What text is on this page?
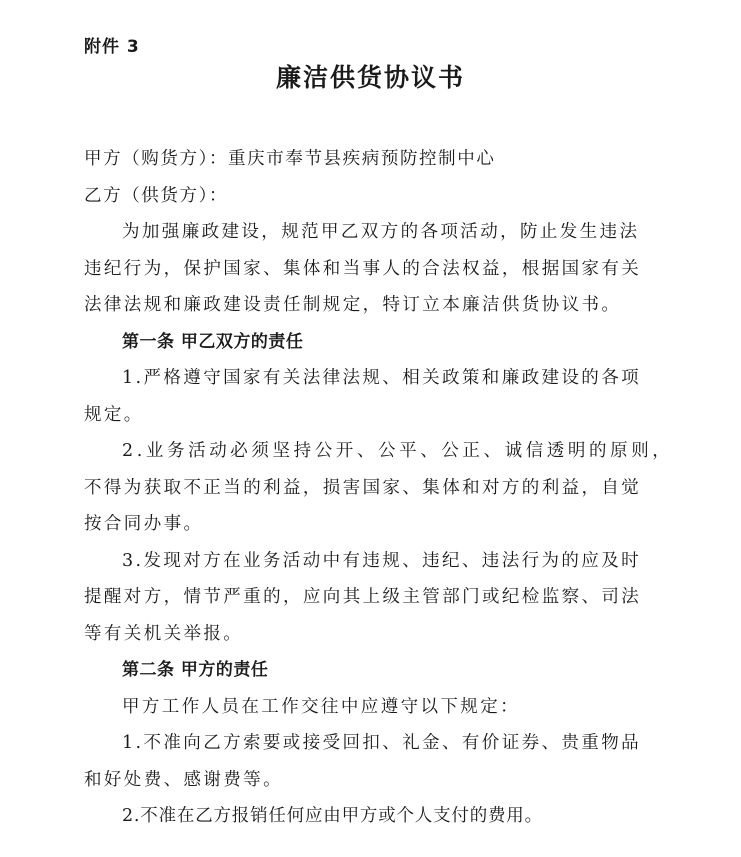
附件 3
廉洁供货协议书
甲方（购货方）：重庆市奉节县疾病预防控制中心
乙方（供货方）：
为加强廉政建设，规范甲乙双方的各项活动，防止发生违法
违纪行为，保护国家、集体和当事人的合法权益，根据国家有关
法律法规和廉政建设责任制规定，特订立本廉洁供货协议书。
第一条 甲乙双方的责任
1.严格遵守国家有关法律法规、相关政策和廉政建设的各项
规定。
2.业务活动必须坚持公开、公平、公正、诚信透明的原则，
不得为获取不正当的利益，损害国家、集体和对方的利益，自觉
按合同办事。
3.发现对方在业务活动中有违规、违纪、违法行为的应及时
提醒对方，情节严重的，应向其上级主管部门或纪检监察、司法
等有关机关举报。
第二条 甲方的责任
甲方工作人员在工作交往中应遵守以下规定：
1.不准向乙方索要或接受回扣、礼金、有价证券、贵重物品
和好处费、感谢费等。
2.不准在乙方报销任何应由甲方或个人支付的费用。
